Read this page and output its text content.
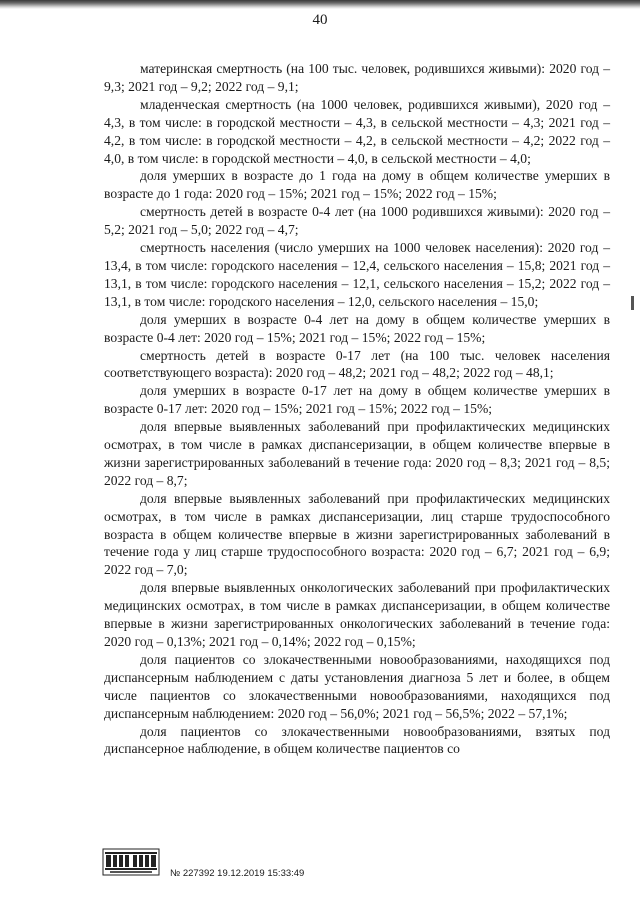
40

материнская смертность (на 100 тыс. человек, родившихся живыми): 2020 год – 9,3; 2021 год – 9,2; 2022 год – 9,1;

младенческая смертность (на 1000 человек, родившихся живыми), 2020 год – 4,3, в том числе: в городской местности – 4,3, в сельской местности – 4,3; 2021 год – 4,2, в том числе: в городской местности – 4,2, в сельской местности – 4,2; 2022 год – 4,0, в том числе: в городской местности – 4,0, в сельской местности – 4,0;

доля умерших в возрасте до 1 года на дому в общем количестве умерших в возрасте до 1 года: 2020 год – 15%; 2021 год – 15%; 2022 год – 15%;

смертность детей в возрасте 0-4 лет (на 1000 родившихся живыми): 2020 год – 5,2; 2021 год – 5,0; 2022 год – 4,7;

смертность населения (число умерших на 1000 человек населения): 2020 год – 13,4, в том числе: городского населения – 12,4, сельского населения – 15,8; 2021 год – 13,1, в том числе: городского населения – 12,1, сельского населения – 15,2; 2022 год – 13,1, в том числе: городского населения – 12,0, сельского населения – 15,0;

доля умерших в возрасте 0-4 лет на дому в общем количестве умерших в возрасте 0-4 лет: 2020 год – 15%; 2021 год – 15%; 2022 год – 15%;

смертность детей в возрасте 0-17 лет (на 100 тыс. человек населения соответствующего возраста): 2020 год – 48,2; 2021 год – 48,2; 2022 год – 48,1;

доля умерших в возрасте 0-17 лет на дому в общем количестве умерших в возрасте 0-17 лет: 2020 год – 15%; 2021 год – 15%; 2022 год – 15%;

доля впервые выявленных заболеваний при профилактических медицинских осмотрах, в том числе в рамках диспансеризации, в общем количестве впервые в жизни зарегистрированных заболеваний в течение года: 2020 год – 8,3; 2021 год – 8,5; 2022 год – 8,7;

доля впервые выявленных заболеваний при профилактических медицинских осмотрах, в том числе в рамках диспансеризации, лиц старше трудоспособного возраста в общем количестве впервые в жизни зарегистрированных заболеваний в течение года у лиц старше трудоспособного возраста: 2020 год – 6,7; 2021 год – 6,9; 2022 год – 7,0;

доля впервые выявленных онкологических заболеваний при профилактических медицинских осмотрах, в том числе в рамках диспансеризации, в общем количестве впервые в жизни зарегистрированных онкологических заболеваний в течение года: 2020 год – 0,13%; 2021 год – 0,14%; 2022 год – 0,15%;

доля пациентов со злокачественными новообразованиями, находящихся под диспансерным наблюдением с даты установления диагноза 5 лет и более, в общем числе пациентов со злокачественными новообразованиями, находящихся под диспансерным наблюдением: 2020 год – 56,0%; 2021 год – 56,5%; 2022 – 57,1%;

доля пациентов со злокачественными новообразованиями, взятых под диспансерное наблюдение, в общем количестве пациентов со

№ 227392 19.12.2019 15:33:49
